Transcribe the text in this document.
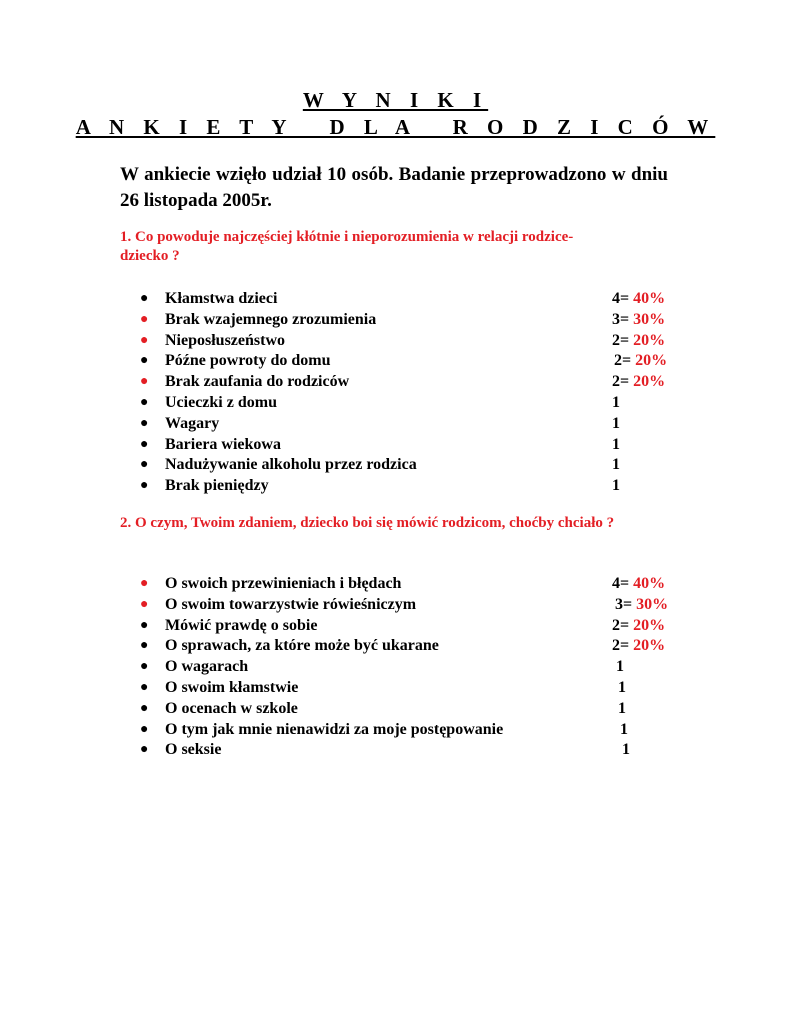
W Y N I K I
A N K I E T Y   D L A   R O D Z I C Ó W
W ankiecie wzięło udział 10 osób. Badanie przeprowadzono w dniu 26 listopada 2005r.
1. Co powoduje najczęściej kłótnie i nieporozumienia w relacji rodzice-dziecko ?
● Kłamstwa dzieci	4= 40%
● Brak wzajemnego zrozumienia	3= 30%
● Nieposłuszeństwo	2= 20%
● Późne powroty do domu	2= 20%
● Brak zaufania do rodziców	2= 20%
● Ucieczki z domu	1
● Wagary	1
● Bariera wiekowa	1
● Nadużywanie alkoholu przez rodzica	1
● Brak pieniędzy	1
2. O czym, Twoim zdaniem, dziecko boi się mówić rodzicom, choćby chciało ?
● O swoich przewinieniach i błędach	4= 40%
● O swoim towarzystwie rówieśniczym	3= 30%
● Mówić prawdę o sobie	2= 20%
● O sprawach, za które może być ukarane	2= 20%
● O wagarach	1
● O swoim kłamstwie	1
● O ocenach w szkole	1
● O tym jak mnie nienawidzi za moje postępowanie	1
● O seksie	1
